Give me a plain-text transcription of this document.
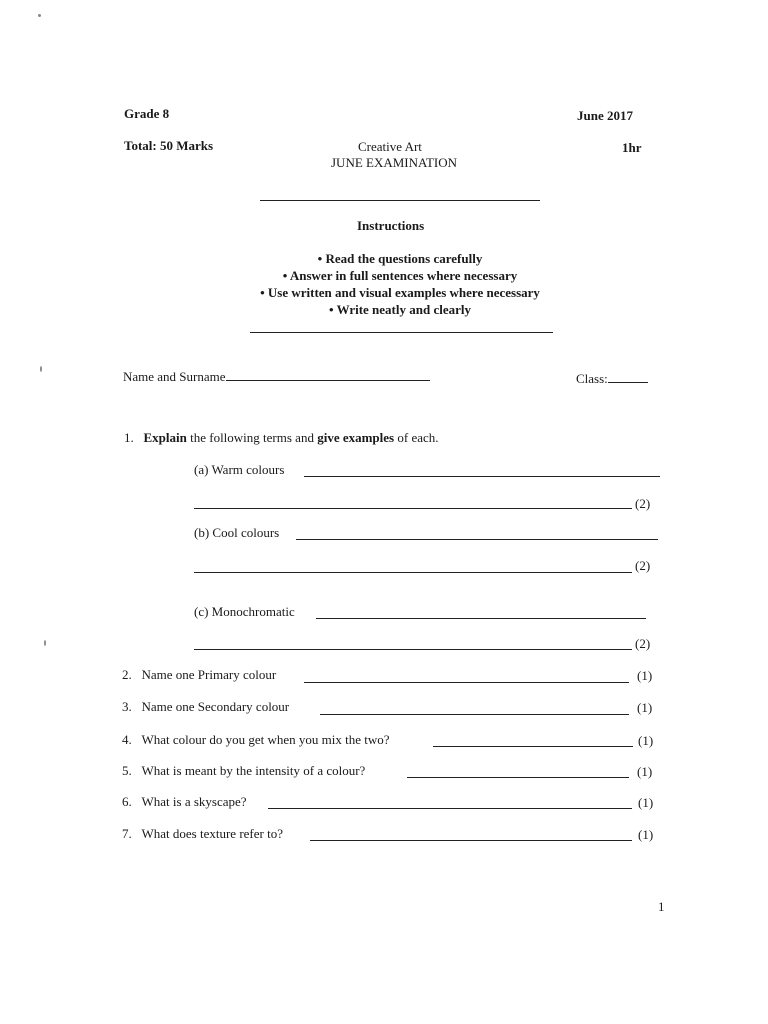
Grade 8	June 2017
Total: 50 Marks	Creative Art
JUNE EXAMINATION
1hr
Instructions
• Read the questions carefully
• Answer in full sentences where necessary
• Use written and visual examples where necessary
• Write neatly and clearly
Name and Surname	Class:
1. Explain the following terms and give examples of each.
(a) Warm colours
(2)
(b) Cool colours
(2)
(c) Monochromatic
(2)
2. Name one Primary colour	(1)
3. Name one Secondary colour	(1)
4. What colour do you get when you mix the two?	(1)
5. What is meant by the intensity of a colour?	(1)
6. What is a skyscape?	(1)
7. What does texture refer to?	(1)
1
